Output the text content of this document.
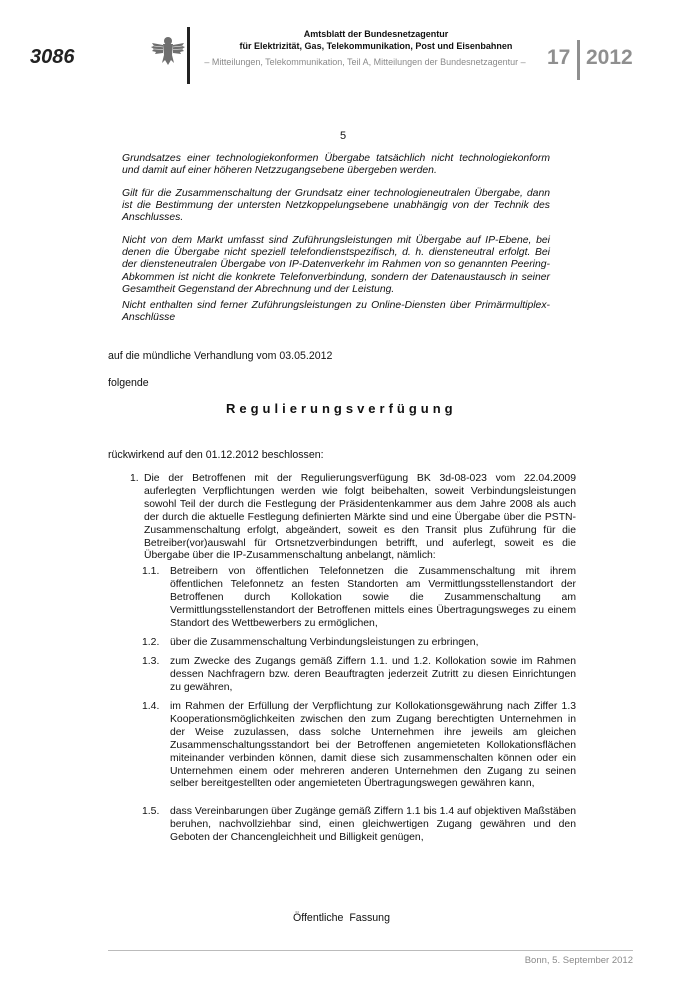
3086
Amtsblatt der Bundesnetzagentur
für Elektrizität, Gas, Telekommunikation, Post und Eisenbahnen
– Mitteilungen, Telekommunikation, Teil A, Mitteilungen der Bundesnetzagentur –	17 2012
5
Grundsatzes einer technologiekonformen Übergabe tatsächlich nicht technologiekonform und damit auf einer höheren Netzzugangsebene übergeben werden.
Gilt für die Zusammenschaltung der Grundsatz einer technologieneutralen Übergabe, dann ist die Bestimmung der untersten Netzkoppelungsebene unabhängig von der Technik des Anschlusses.
Nicht von dem Markt umfasst sind Zuführungsleistungen mit Übergabe auf IP-Ebene, bei denen die Übergabe nicht speziell telefondienstspezifisch, d. h. diensteneutral erfolgt. Bei der diensteneutralen Übergabe von IP-Datenverkehr im Rahmen von so genannten Peering-Abkommen ist nicht die konkrete Telefonverbindung, sondern der Datenaustausch in seiner Gesamtheit Gegenstand der Abrechnung und der Leistung.
Nicht enthalten sind ferner Zuführungsleistungen zu Online-Diensten über Primärmultiplex-Anschlüsse
auf die mündliche Verhandlung vom 03.05.2012
folgende
Regulierungsverfügung
rückwirkend auf den 01.12.2012 beschlossen:
1. Die der Betroffenen mit der Regulierungsverfügung BK 3d-08-023 vom 22.04.2009 auferlegten Verpflichtungen werden wie folgt beibehalten, soweit Verbindungsleistungen sowohl Teil der durch die Festlegung der Präsidentenkammer aus dem Jahre 2008 als auch der durch die aktuelle Festlegung definierten Märkte sind und eine Übergabe über die PSTN-Zusammenschaltung erfolgt, abgeändert, soweit es den Transit plus Zuführung für die Betreiber(vor)auswahl für Ortsnetzverbindungen betrifft, und auferlegt, soweit es die Übergabe über die IP-Zusammenschaltung anbelangt, nämlich:
1.1. Betreibern von öffentlichen Telefonnetzen die Zusammenschaltung mit ihrem öffentlichen Telefonnetz an festen Standorten am Vermittlungsstellenstandort der Betroffenen durch Kollokation sowie die Zusammenschaltung am Vermittlungsstellenstandort der Betroffenen mittels eines Übertragungsweges zu einem Standort des Wettbewerbers zu ermöglichen,
1.2. über die Zusammenschaltung Verbindungsleistungen zu erbringen,
1.3. zum Zwecke des Zugangs gemäß Ziffern 1.1. und 1.2. Kollokation sowie im Rahmen dessen Nachfragern bzw. deren Beauftragten jederzeit Zutritt zu diesen Einrichtungen zu gewähren,
1.4. im Rahmen der Erfüllung der Verpflichtung zur Kollokationsgewährung nach Ziffer 1.3 Kooperationsmöglichkeiten zwischen den zum Zugang berechtigten Unternehmen in der Weise zuzulassen, dass solche Unternehmen ihre jeweils am gleichen Zusammenschaltungsstandort bei der Betroffenen angemieteten Kollokationsflächen miteinander verbinden können, damit diese sich zusammenschalten können oder ein Unternehmen einem oder mehreren anderen Unternehmen den Zugang zu seinen selber bereitgestellten oder angemieteten Übertragungswegen gewähren kann,
1.5. dass Vereinbarungen über Zugänge gemäß Ziffern 1.1 bis 1.4 auf objektiven Maßstäben beruhen, nachvollziehbar sind, einen gleichwertigen Zugang gewähren und den Geboten der Chancengleichheit und Billigkeit genügen,
Öffentliche  Fassung
Bonn, 5. September 2012
